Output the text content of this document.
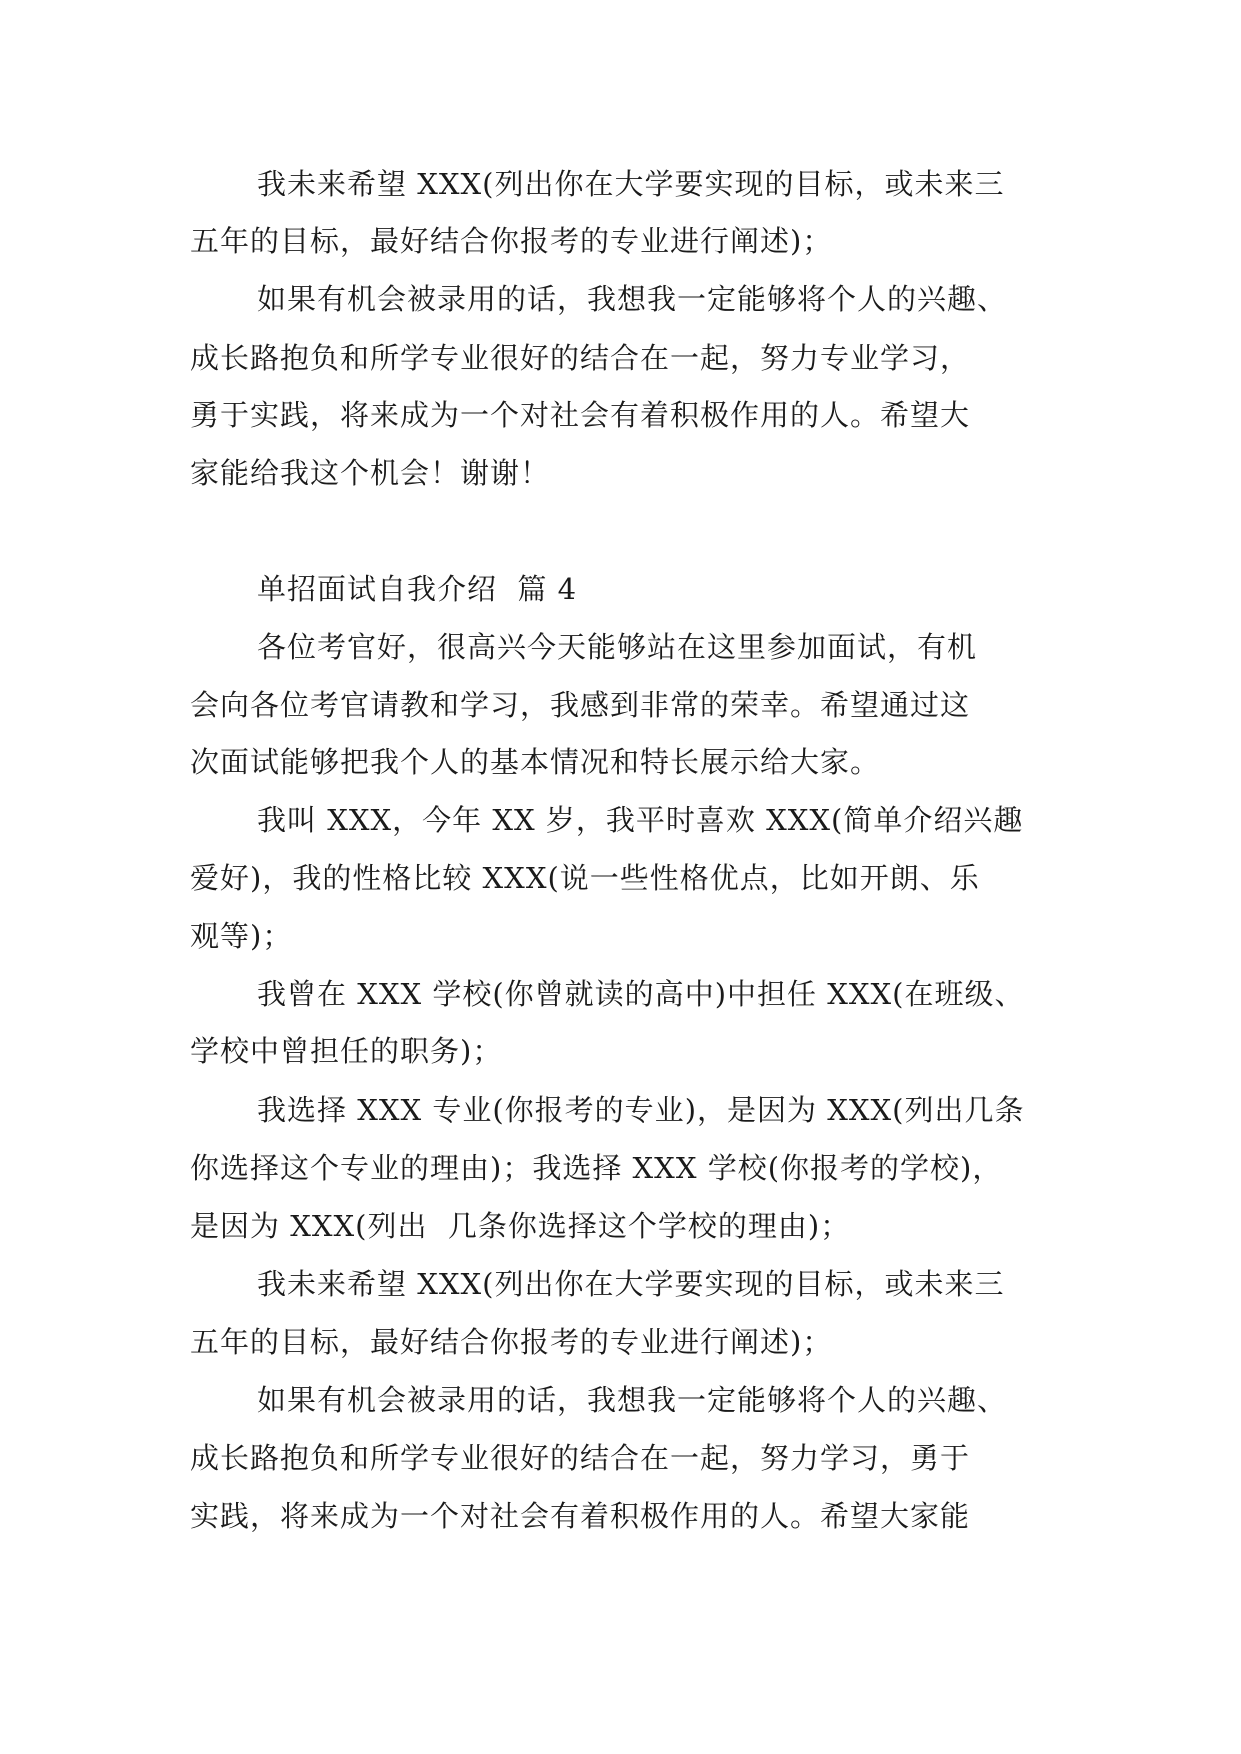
我未来希望 XXX(列出你在大学要实现的目标，或未来三
五年的目标，最好结合你报考的专业进行阐述)；
如果有机会被录用的话，我想我一定能够将个人的兴趣、
成长路抱负和所学专业很好的结合在一起，努力专业学习，
勇于实践，将来成为一个对社会有着积极作用的人。希望大
家能给我这个机会！谢谢！
单招面试自我介绍  篇 4
各位考官好，很高兴今天能够站在这里参加面试，有机
会向各位考官请教和学习，我感到非常的荣幸。希望通过这
次面试能够把我个人的基本情况和特长展示给大家。
我叫 XXX，今年 XX 岁，我平时喜欢 XXX(简单介绍兴趣
爱好)，我的性格比较 XXX(说一些性格优点，比如开朗、乐
观等)；
我曾在 XXX 学校(你曾就读的高中)中担任 XXX(在班级、
学校中曾担任的职务)；
我选择 XXX 专业(你报考的专业)，是因为 XXX(列出几条
你选择这个专业的理由)；我选择 XXX 学校(你报考的学校)，
是因为 XXX(列出  几条你选择这个学校的理由)；
我未来希望 XXX(列出你在大学要实现的目标，或未来三
五年的目标，最好结合你报考的专业进行阐述)；
如果有机会被录用的话，我想我一定能够将个人的兴趣、
成长路抱负和所学专业很好的结合在一起，努力学习，勇于
实践，将来成为一个对社会有着积极作用的人。希望大家能
